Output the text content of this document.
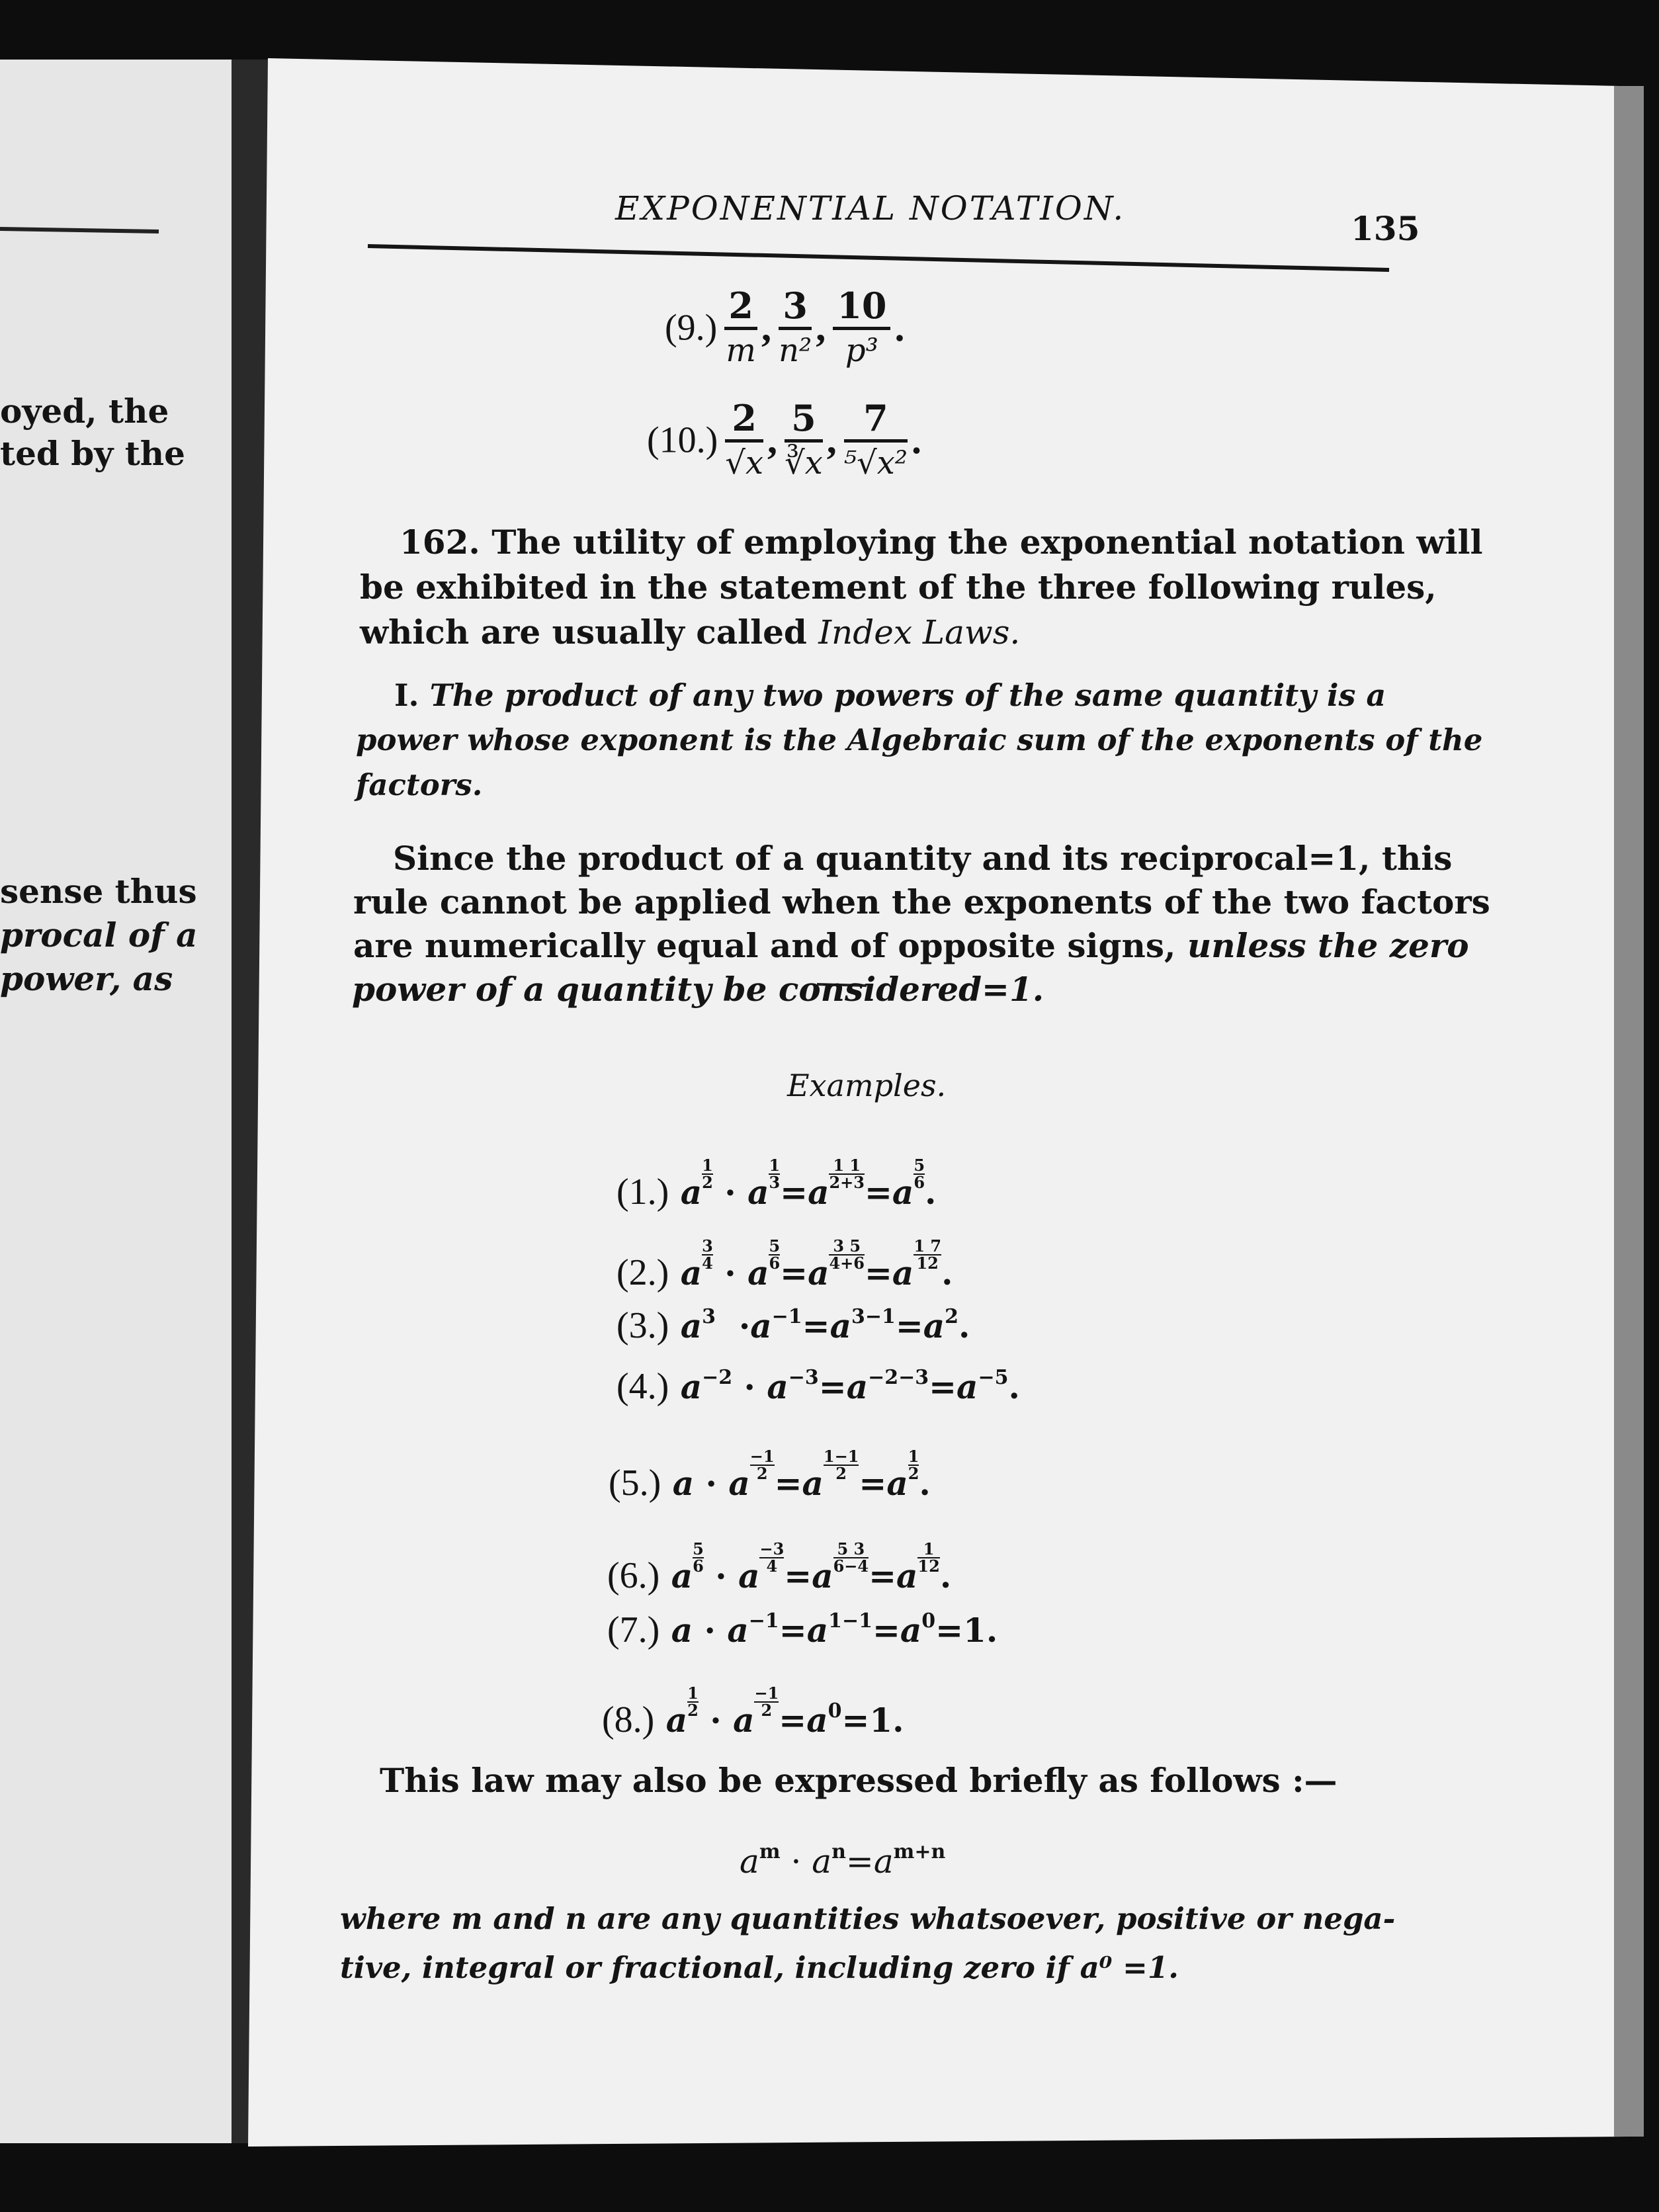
oyed, the
ted by the
sense thus
procal of a
power, as
EXPONENTIAL NOTATION.
135
$(9.) \frac{2}{m}$ , $\frac{3}{\text{n²}}$ , $\frac{10}{\text{p³}}$ .
$(10.) \frac{2}{√x}$ , $\frac{5}{∛x}$ , $\frac{7}{\text{⁵√x²}}$ .
162. The utility of employing the exponential notation will
be exhibited in the statement of the three following rules,
which are usually called Index Laws.
I. The product of any two powers of the same quantity is a
power whose exponent is the Algebraic sum of the exponents of the
factors.
Since the product of a quantity and its reciprocal=1, this
rule cannot be applied when the exponents of the two factors
are numerically equal and of opposite signs, unless the zero
power of a quantity be considered=1.
Examples.
(1.) a $\frac{1}{2} \cdot a \frac{1}{3} =a \frac{1 1}{2+3} =a \frac{5}{6}$ .
(2.) a $\frac{3}{4} \cdot a \frac{5}{6} =a \frac{3 5}{4+6} =a \frac{1 7}{12}$ .
(3.) $a^3 \cdot a^{-1}=a^{3-1}=a^2$.
(4.) $a^{-2} \cdot a^{-3}=a^{-2-3}=a^{-5}$.
(5.) a · a $\frac{-1}{2} =a \frac{1-1}{2} =a \frac{1}{2}$ .
(6.) a $\frac{5}{6} \cdot a \frac{-3}{4} =a \frac{5 3}{6-4} =a \frac{1}{12}$ .
(7.) $a \cdot a^{-1}=a^{1-1}=a^0=1$.
(8.) a $\frac{1}{2} \cdot a \frac{-1}{2} =a^0=1$.
This law may also be expressed briefly as follows :—
$a^m \cdot a^n=a^{m+n}$
where m and n are any quantities whatsoever, positive or nega-
tive, integral or fractional, including zero if a⁰ =1.
